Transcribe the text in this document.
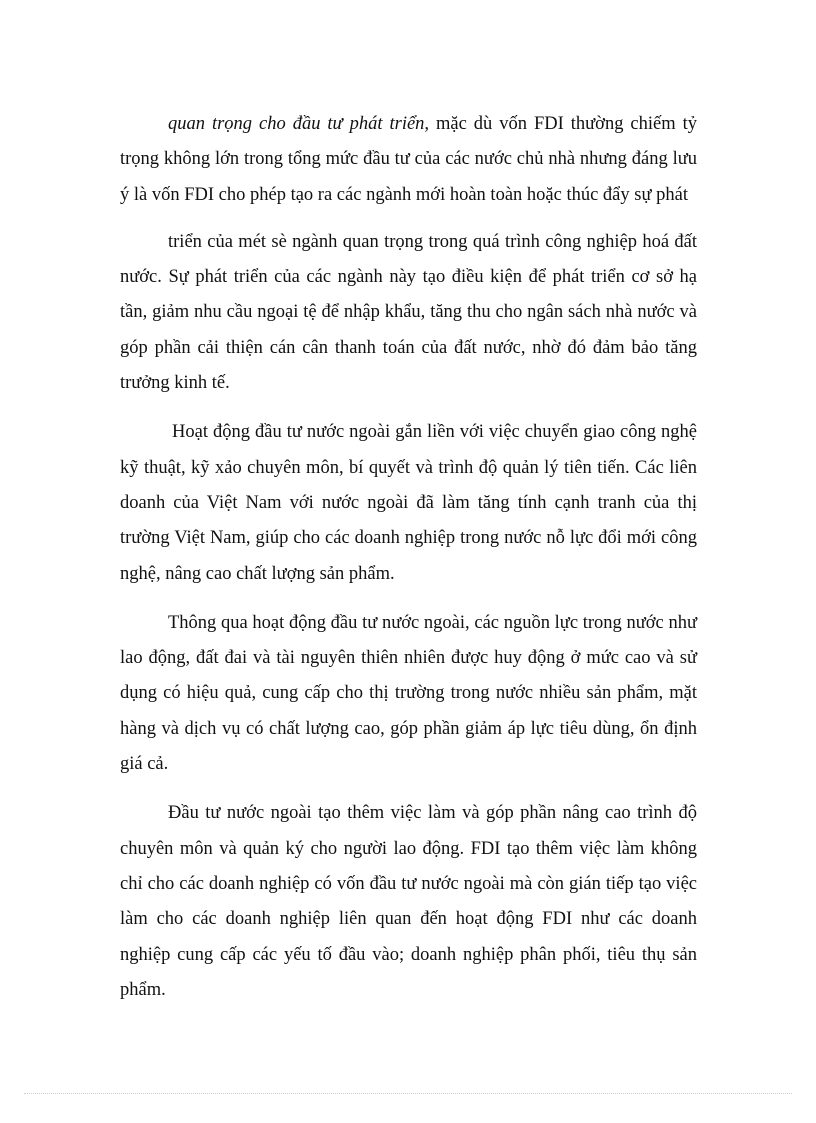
quan trọng cho đầu tư phát triển, mặc dù vốn FDI thường chiếm tỷ trọng không lớn trong tổng mức đầu tư của các nước chủ nhà nhưng đáng lưu ý là vốn FDI cho phép tạo ra các ngành mới hoàn toàn hoặc thúc đẩy sự phát

triển của mét sè ngành quan trọng trong quá trình công nghiệp hoá đất nước. Sự phát triển của các ngành này tạo điều kiện để phát triển cơ sở hạ tần, giảm nhu cầu ngoại tệ để nhập khẩu, tăng thu cho ngân sách nhà nước và góp phần cải thiện cán cân thanh toán của đất nước, nhờ đó đảm bảo tăng trưởng kinh tế.

Hoạt động đầu tư nước ngoài gắn liền với việc chuyển giao công nghệ kỹ thuật, kỹ xảo chuyên môn, bí quyết và trình độ quản lý tiên tiến. Các liên doanh của Việt Nam với nước ngoài đã làm tăng tính cạnh tranh của thị trường Việt Nam, giúp cho các doanh nghiệp trong nước nỗ lực đổi mới công nghệ, nâng cao chất lượng sản phẩm.

Thông qua hoạt động đầu tư nước ngoài, các nguồn lực trong nước như lao động, đất đai và tài nguyên thiên nhiên được huy động ở mức cao và sử dụng có hiệu quả, cung cấp cho thị trường trong nước nhiều sản phẩm, mặt hàng và dịch vụ có chất lượng cao, góp phần giảm áp lực tiêu dùng, ổn định giá cả.

Đầu tư nước ngoài tạo thêm việc làm và góp phần nâng cao trình độ chuyên môn và quản ký cho người lao động. FDI tạo thêm việc làm không chỉ cho các doanh nghiệp có vốn đầu tư nước ngoài mà còn gián tiếp tạo việc làm cho các doanh nghiệp liên quan đến hoạt động FDI như các doanh nghiệp cung cấp các yếu tố đầu vào; doanh nghiệp phân phối, tiêu thụ sản phẩm.
